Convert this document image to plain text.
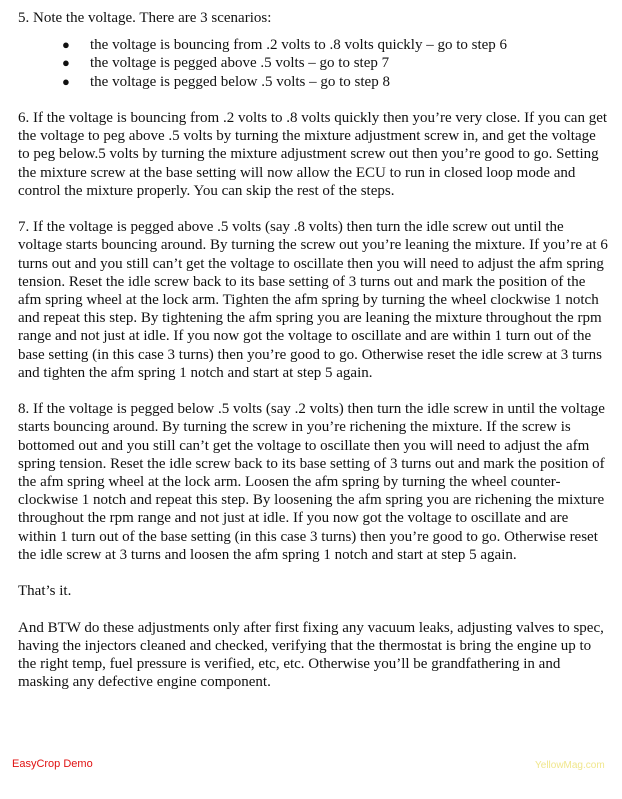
5. Note the voltage. There are 3 scenarios:

● the voltage is bouncing from .2 volts to .8 volts quickly – go to step 6
● the voltage is pegged above .5 volts – go to step 7
● the voltage is pegged below .5 volts – go to step 8

6. If the voltage is bouncing from .2 volts to .8 volts quickly then you’re very close. If you can get the voltage to peg above .5 volts by turning the mixture adjustment screw in, and get the voltage to peg below.5 volts by turning the mixture adjustment screw out then you’re good to go. Setting the mixture screw at the base setting will now allow the ECU to run in closed loop mode and control the mixture properly. You can skip the rest of the steps.

7. If the voltage is pegged above .5 volts (say .8 volts) then turn the idle screw out until the voltage starts bouncing around. By turning the screw out you’re leaning the mixture. If you’re at 6 turns out and you still can’t get the voltage to oscillate then you will need to adjust the afm spring tension. Reset the idle screw back to its base setting of 3 turns out and mark the position of the afm spring wheel at the lock arm. Tighten the afm spring by turning the wheel clockwise 1 notch and repeat this step. By tightening the afm spring you are leaning the mixture throughout the rpm range and not just at idle. If you now got the voltage to oscillate and are within 1 turn out of the base setting (in this case 3 turns) then you’re good to go. Otherwise reset the idle screw at 3 turns and tighten the afm spring 1 notch and start at step 5 again.

8. If the voltage is pegged below .5 volts (say .2 volts) then turn the idle screw in until the voltage starts bouncing around. By turning the screw in you’re richening the mixture. If the screw is bottomed out and you still can’t get the voltage to oscillate then you will need to adjust the afm spring tension. Reset the idle screw back to its base setting of 3 turns out and mark the position of the afm spring wheel at the lock arm. Loosen the afm spring by turning the wheel counter-clockwise 1 notch and repeat this step. By loosening the afm spring you are richening the mixture throughout the rpm range and not just at idle. If you now got the voltage to oscillate and are within 1 turn out of the base setting (in this case 3 turns) then you’re good to go. Otherwise reset the idle screw at 3 turns and loosen the afm spring 1 notch and start at step 5 again.

That’s it.

And BTW do these adjustments only after first fixing any vacuum leaks, adjusting valves to spec, having the injectors cleaned and checked, verifying that the thermostat is bring the engine up to the right temp, fuel pressure is verified, etc, etc. Otherwise you’ll be grandfathering in and masking any defective engine component.

EasyCrop Demo	YellowMag.com
